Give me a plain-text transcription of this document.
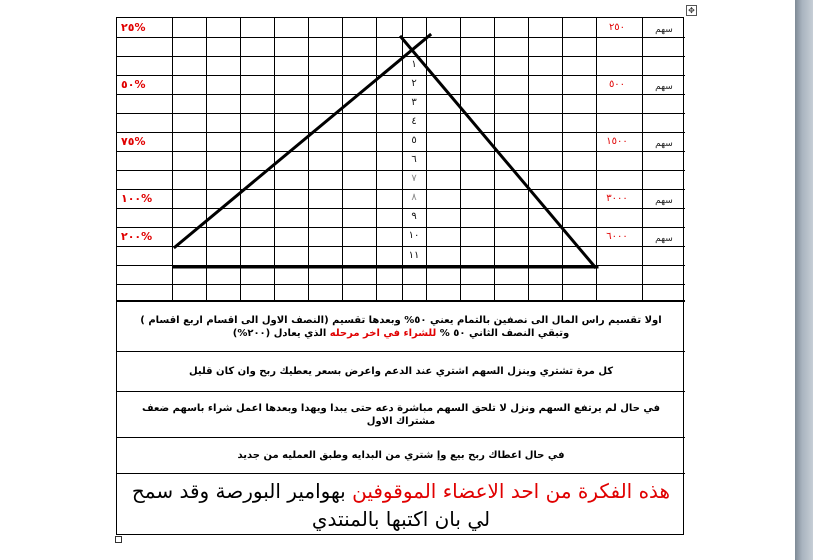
✥
٢٥%
٥٠%
٧٥%
١٠٠%
٢٠٠%
٢٥٠
٥٠٠
١٥٠٠
٣٠٠٠
٦٠٠٠
سهم
سهم
سهم
سهم
سهم
١
٢
٣
٤
٥
٦
٧
٨
٩
١٠
١١

اولا تقسيم راس المال الى نصفين بالتمام يعني ٥٠% وبعدها تقسيم (النصف الاول الى اقسام اربع اقسام )
وتبقي النصف الثاني ٥٠ % للشراء في اخر مرحله الذي يعادل (٢٠٠%)

كل مرة تشتري وينزل السهم اشتري عند الدعم واعرض بسعر يعطيك ربح وان كان قليل

في حال لم يرتفع السهم ونزل لا تلحق السهم مباشرة دعه حتى يبدا ويهدا وبعدها اعمل شراء باسهم ضعف مشتراك الاول

في حال اعطاك ربح بيع وإ شتري من البدايه وطبق العمليه من جديد

هذه الفكرة من احد الاعضاء الموقوفين بهوامير البورصة وقد سمح لي بان اكتبها بالمنتدي
